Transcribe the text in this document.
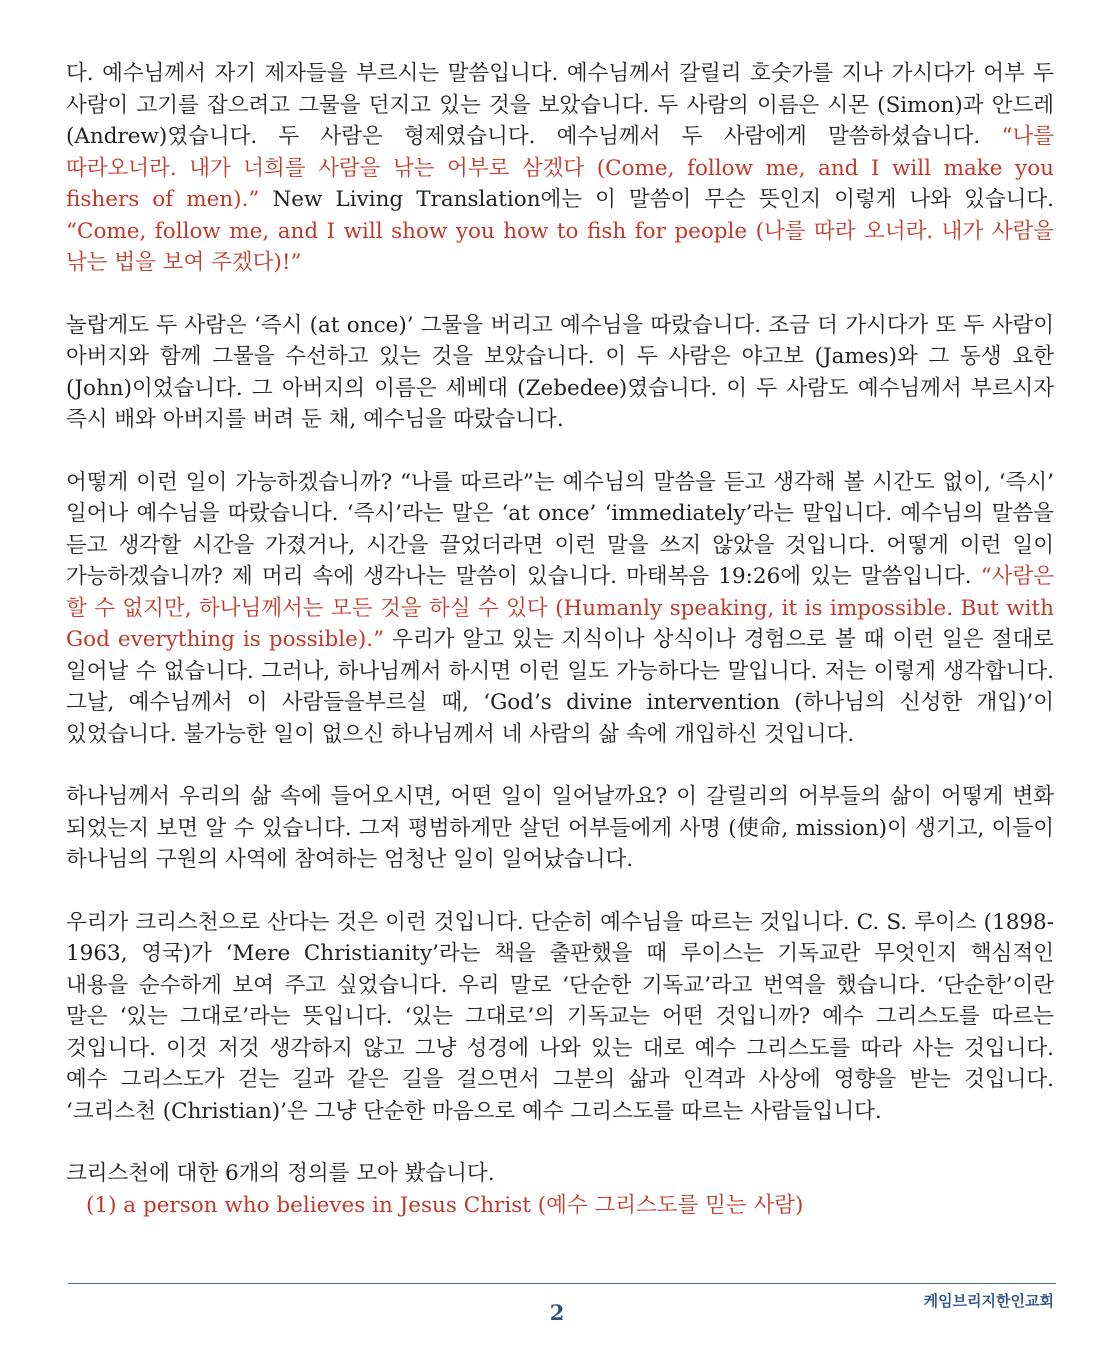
다. 예수님께서 자기 제자들을 부르시는 말씀입니다. 예수님께서 갈릴리 호숫가를 지나 가시다가 어부 두 사람이 고기를 잡으려고 그물을 던지고 있는 것을 보았습니다. 두 사람의 이름은 시몬 (Simon)과 안드레 (Andrew)였습니다. 두 사람은 형제였습니다. 예수님께서 두 사람에게 말씀하셨습니다. “나를 따라오너라. 내가 너희를 사람을 낚는 어부로 삼겠다 (Come, follow me, and I will make you fishers of men).” New Living Translation에는 이 말씀이 무슨 뜻인지 이렇게 나와 있습니다. “Come, follow me, and I will show you how to fish for people (나를 따라 오너라. 내가 사람을 낚는 법을 보여 주겠다)!”

놀랍게도 두 사람은 ‘즉시 (at once)’ 그물을 버리고 예수님을 따랐습니다. 조금 더 가시다가 또 두 사람이 아버지와 함께 그물을 수선하고 있는 것을 보았습니다. 이 두 사람은 야고보 (James)와 그 동생 요한 (John)이었습니다. 그 아버지의 이름은 세베대 (Zebedee)였습니다. 이 두 사람도 예수님께서 부르시자 즉시 배와 아버지를 버려 둔 채, 예수님을 따랐습니다.

어떻게 이런 일이 가능하겠습니까? “나를 따르라”는 예수님의 말씀을 듣고 생각해 볼 시간도 없이, ‘즉시’ 일어나 예수님을 따랐습니다. ‘즉시’라는 말은 ‘at once’ ‘immediately’라는 말입니다. 예수님의 말씀을 듣고 생각할 시간을 가졌거나, 시간을 끌었더라면 이런 말을 쓰지 않았을 것입니다. 어떻게 이런 일이 가능하겠습니까? 제 머리 속에 생각나는 말씀이 있습니다. 마태복음 19:26에 있는 말씀입니다. “사람은 할 수 없지만, 하나님께서는 모든 것을 하실 수 있다 (Humanly speaking, it is impossible. But with God everything is possible).” 우리가 알고 있는 지식이나 상식이나 경험으로 볼 때 이런 일은 절대로 일어날 수 없습니다. 그러나, 하나님께서 하시면 이런 일도 가능하다는 말입니다. 저는 이렇게 생각합니다. 그날, 예수님께서 이 사람들을부르실 때, ‘God’s divine intervention (하나님의 신성한 개입)’이 있었습니다. 불가능한 일이 없으신 하나님께서 네 사람의 삶 속에 개입하신 것입니다.

하나님께서 우리의 삶 속에 들어오시면, 어떤 일이 일어날까요? 이 갈릴리의 어부들의 삶이 어떻게 변화 되었는지 보면 알 수 있습니다. 그저 평범하게만 살던 어부들에게 사명 (使命, mission)이 생기고, 이들이 하나님의 구원의 사역에 참여하는 엄청난 일이 일어났습니다.

우리가 크리스천으로 산다는 것은 이런 것입니다. 단순히 예수님을 따르는 것입니다. C. S. 루이스 (1898-1963, 영국)가 ‘Mere Christianity’라는 책을 출판했을 때 루이스는 기독교란 무엇인지 핵심적인 내용을 순수하게 보여 주고 싶었습니다. 우리 말로 ‘단순한 기독교’라고 번역을 했습니다. ‘단순한’이란 말은 ‘있는 그대로’라는 뜻입니다. ‘있는 그대로’의 기독교는 어떤 것입니까? 예수 그리스도를 따르는 것입니다. 이것 저것 생각하지 않고 그냥 성경에 나와 있는 대로 예수 그리스도를 따라 사는 것입니다. 예수 그리스도가 걷는 길과 같은 길을 걸으면서 그분의 삶과 인격과 사상에 영향을 받는 것입니다. ‘크리스천 (Christian)’은 그냥 단순한 마음으로 예수 그리스도를 따르는 사람들입니다.

크리스천에 대한 6개의 정의를 모아 봤습니다.

(1) a person who believes in Jesus Christ (예수 그리스도를 믿는 사람)

2	케임브리지한인교회
